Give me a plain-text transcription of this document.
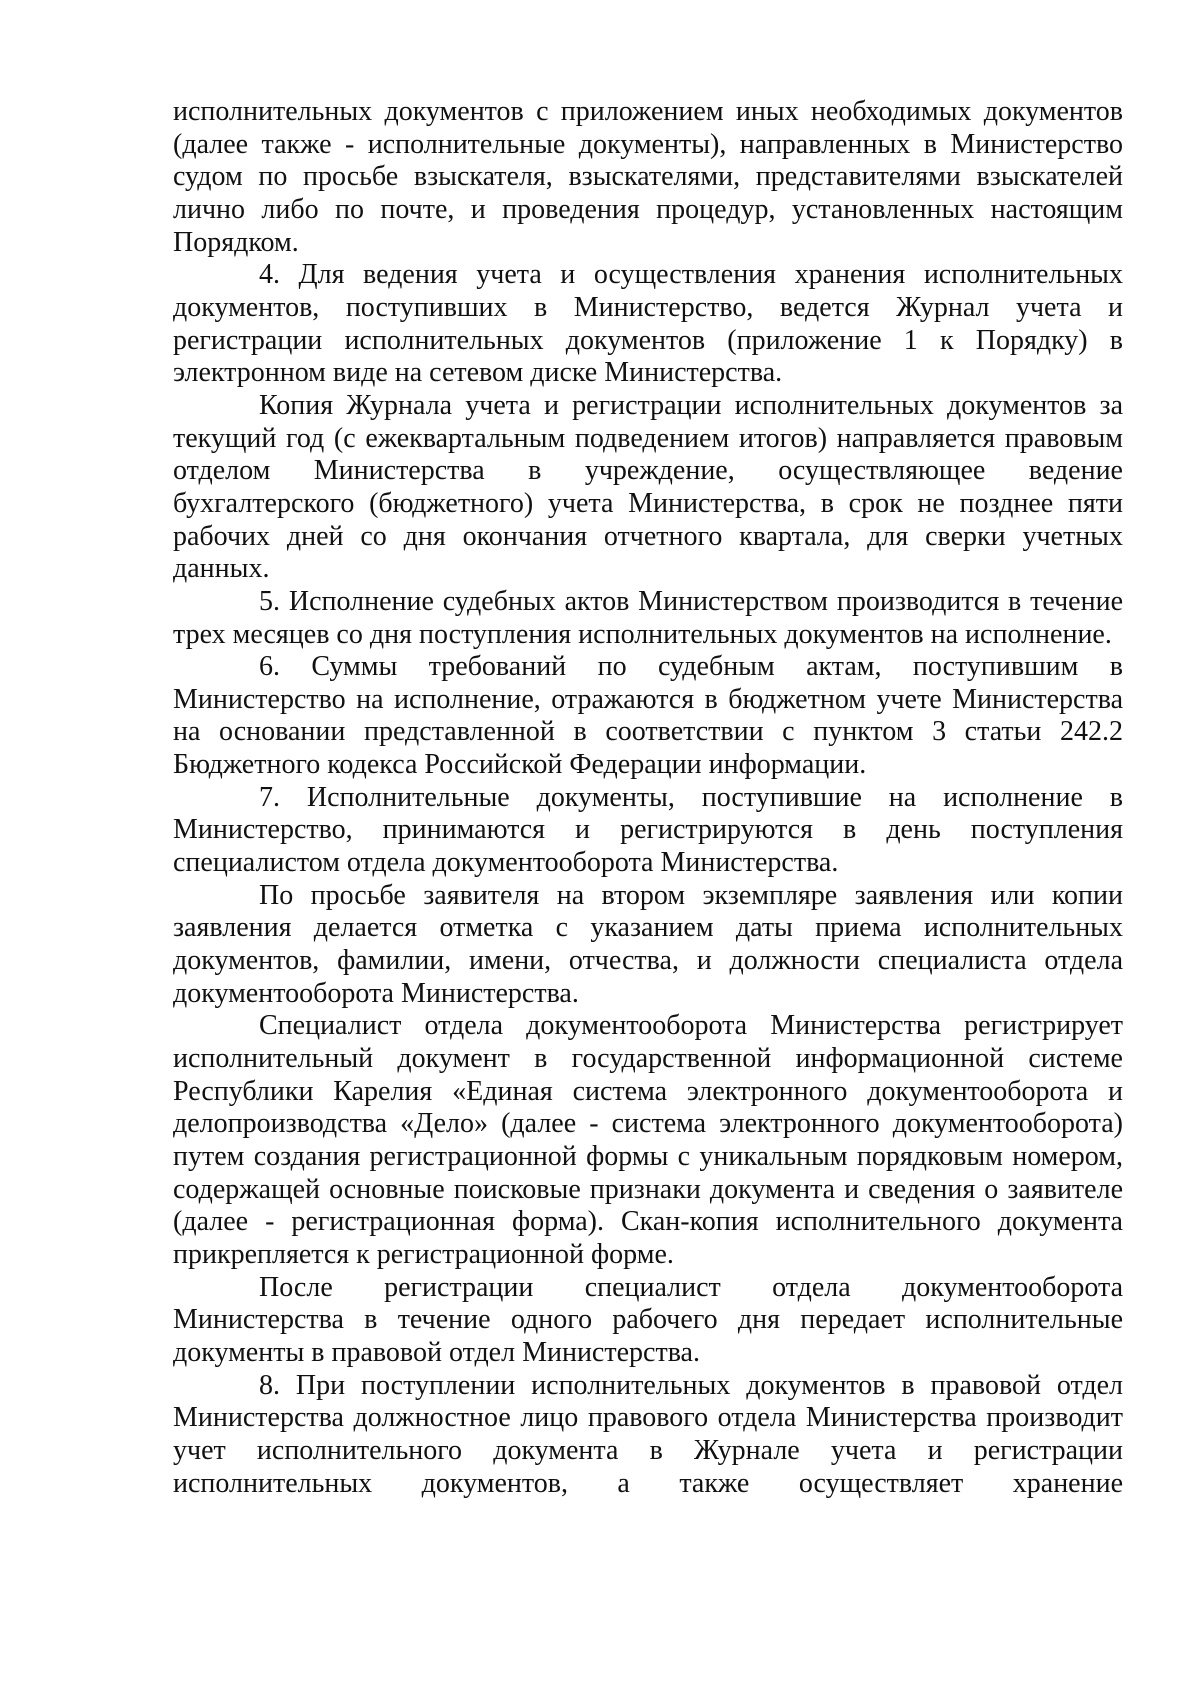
исполнительных документов с приложением иных необходимых документов (далее также - исполнительные документы), направленных в Министерство судом по просьбе взыскателя, взыскателями, представителями взыскателей лично либо по почте, и проведения процедур, установленных настоящим Порядком.

4. Для ведения учета и осуществления хранения исполнительных документов, поступивших в Министерство, ведется Журнал учета и регистрации исполнительных документов (приложение 1 к Порядку) в электронном виде на сетевом диске Министерства.

Копия Журнала учета и регистрации исполнительных документов за текущий год (с ежеквартальным подведением итогов) направляется правовым отделом Министерства в учреждение, осуществляющее ведение бухгалтерского (бюджетного) учета Министерства, в срок не позднее пяти рабочих дней со дня окончания отчетного квартала, для сверки учетных данных.

5. Исполнение судебных актов Министерством производится в течение трех месяцев со дня поступления исполнительных документов на исполнение.

6. Суммы требований по судебным актам, поступившим в Министерство на исполнение, отражаются в бюджетном учете Министерства на основании представленной в соответствии с пунктом 3 статьи 242.2 Бюджетного кодекса Российской Федерации информации.

7. Исполнительные документы, поступившие на исполнение в Министерство, принимаются и регистрируются в день поступления специалистом отдела документооборота Министерства.

По просьбе заявителя на втором экземпляре заявления или копии заявления делается отметка с указанием даты приема исполнительных документов, фамилии, имени, отчества, и должности специалиста отдела документооборота Министерства.

Специалист отдела документооборота Министерства регистрирует исполнительный документ в государственной информационной системе Республики Карелия «Единая система электронного документооборота и делопроизводства «Дело» (далее - система электронного документооборота) путем создания регистрационной формы с уникальным порядковым номером, содержащей основные поисковые признаки документа и сведения о заявителе (далее - регистрационная форма). Скан-копия исполнительного документа прикрепляется к регистрационной форме.

После регистрации специалист отдела документооборота Министерства в течение одного рабочего дня передает исполнительные документы в правовой отдел Министерства.

8. При поступлении исполнительных документов в правовой отдел Министерства должностное лицо правового отдела Министерства производит учет исполнительного документа в Журнале учета и регистрации исполнительных документов, а также осуществляет хранение
